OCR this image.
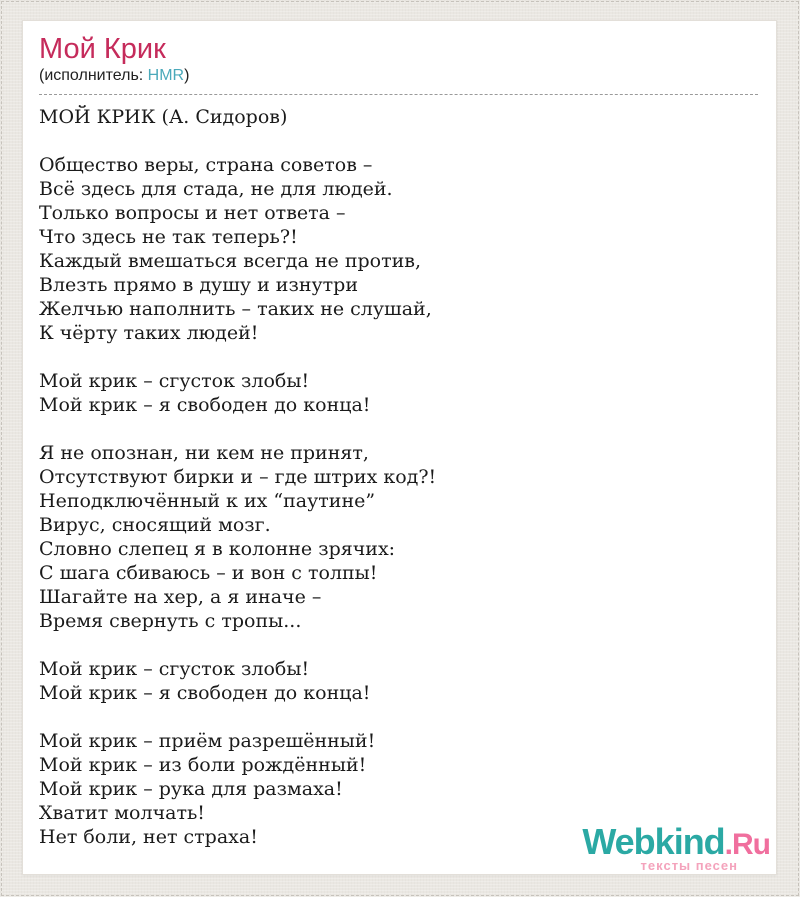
Мой Крик
(исполнитель: HMR)
МОЙ КРИК (А. Сидоров)
Общество веры, страна советов –
Всё здесь для стада, не для людей.
Только вопросы и нет ответа –
Что здесь не так теперь?!
Каждый вмешаться всегда не против,
Влезть прямо в душу и изнутри
Желчью наполнить – таких не слушай,
К чёрту таких людей!
Мой крик – сгусток злобы!
Мой крик – я свободен до конца!
Я не опознан, ни кем не принят,
Отсутствуют бирки и – где штрих код?!
Неподключённый к их “паутине”
Вирус, сносящий мозг.
Словно слепец я в колонне зрячих:
С шага сбиваюсь – и вон с толпы!
Шагайте на хер, а я иначе –
Время свернуть с тропы...
Мой крик – сгусток злобы!
Мой крик – я свободен до конца!
Мой крик – приём разрешённый!
Мой крик – из боли рождённый!
Мой крик – рука для размаха!
Хватит молчать!
Нет боли, нет страха!	Webkind.Ru
тексты песен
